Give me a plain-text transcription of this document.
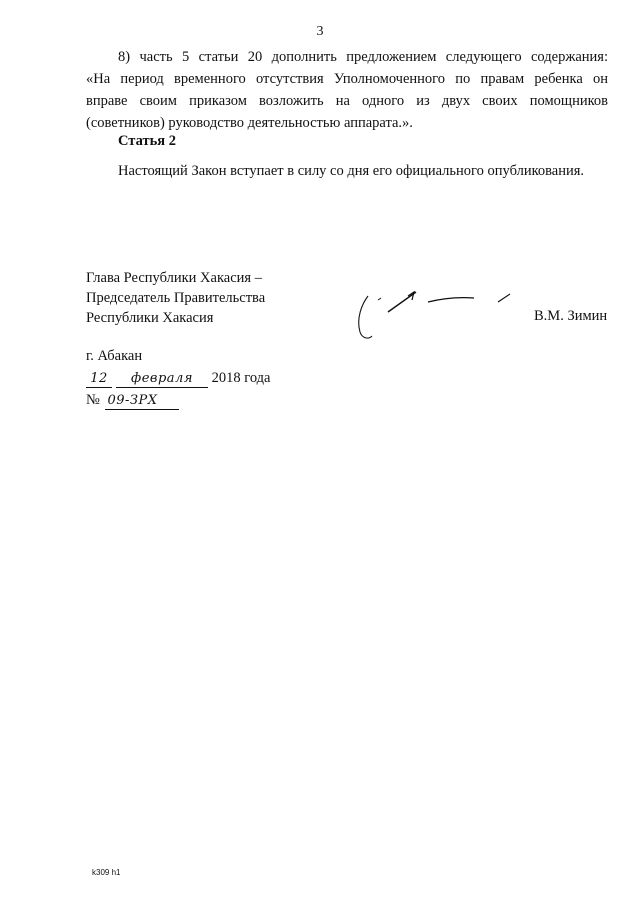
3
8) часть 5 статьи 20 дополнить предложением следующего содержания:
«На период временного отсутствия Уполномоченного по правам ребенка он
вправе своим приказом возложить на одного из двух своих помощников
(советников) руководство деятельностью аппарата.».
Статья 2
Настоящий Закон вступает в силу со дня его официального опубликования.
Глава Республики Хакасия –
Председатель Правительства
Республики Хакасия	В.М. Зимин
г. Абакан
12 февраля 2018 года
№ 09-ЗРХ
k309 h1
